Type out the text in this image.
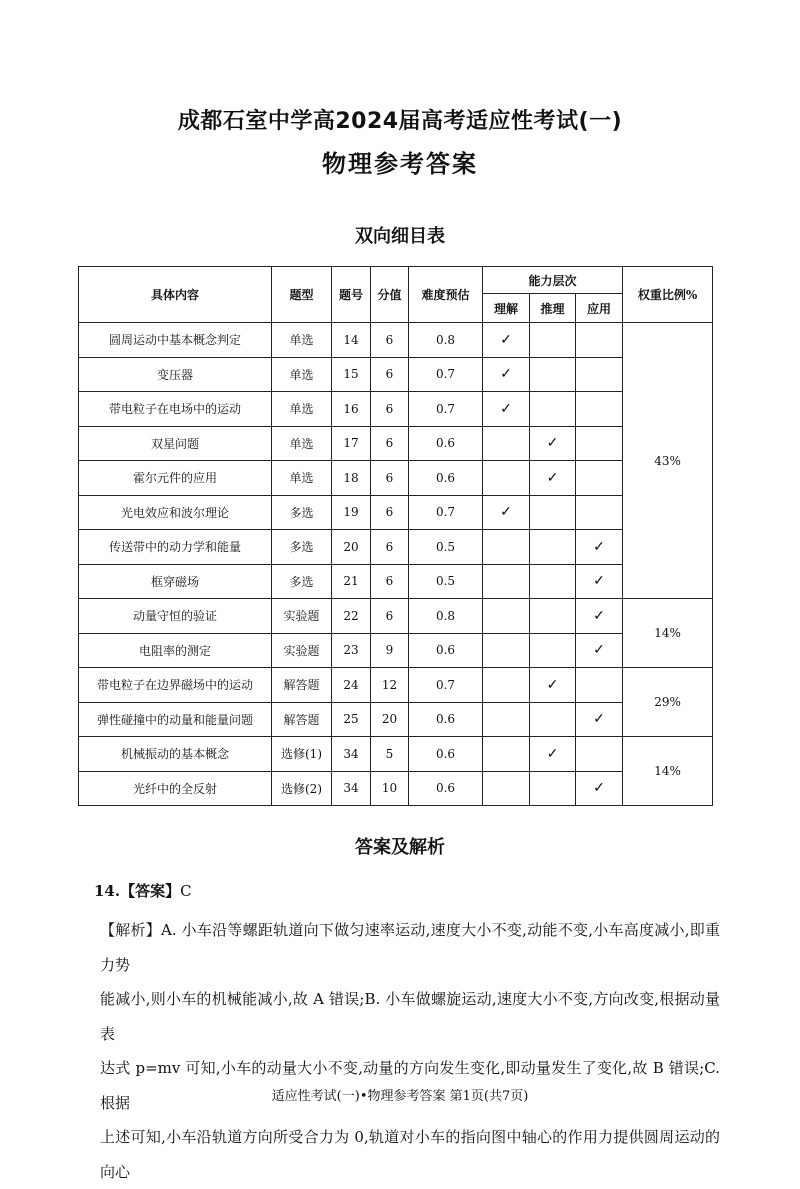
成都石室中学高2024届高考适应性考试(一)
物理参考答案
双向细目表
具体内容	题型	题号	分值	难度预估	能力层次			权重比例%
					理解	推理	应用	
圆周运动中基本概念判定	单选	14	6	0.8	✓			43%
变压器	单选	15	6	0.7	✓			
带电粒子在电场中的运动	单选	16	6	0.7	✓			
双星问题	单选	17	6	0.6		✓		
霍尔元件的应用	单选	18	6	0.6		✓		
光电效应和波尔理论	多选	19	6	0.7	✓			
传送带中的动力学和能量	多选	20	6	0.5			✓	
框穿磁场	多选	21	6	0.5			✓	
动量守恒的验证	实验题	22	6	0.8			✓	14%
电阻率的测定	实验题	23	9	0.6			✓	
带电粒子在边界磁场中的运动	解答题	24	12	0.7		✓		29%
弹性碰撞中的动量和能量问题	解答题	25	20	0.6			✓	
机械振动的基本概念	选修(1)	34	5	0.6		✓		14%
光纤中的全反射	选修(2)	34	10	0.6			✓	
答案及解析
14.【答案】C
【解析】A. 小车沿等螺距轨道向下做匀速率运动,速度大小不变,动能不变,小车高度减小,即重力势
能减小,则小车的机械能减小,故 A 错误;B. 小车做螺旋运动,速度大小不变,方向改变,根据动量表
达式 p=mv 可知,小车的动量大小不变,动量的方向发生变化,即动量发生了变化,故 B 错误;C. 根据
上述可知,小车沿轨道方向所受合力为 0,轨道对小车的指向图中轴心的作用力提供圆周运动的向心
适应性考试(一)•物理参考答案 第1页(共7页)
